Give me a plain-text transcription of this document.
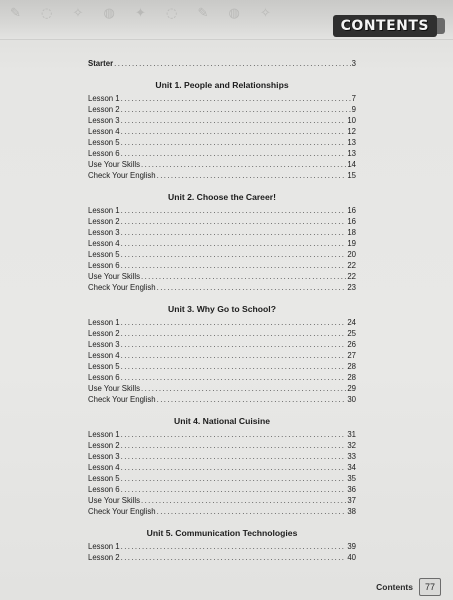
✎ ◌ ✧ ◍ ✦ ◌ ✎ ◍ ✧
CONTENTS
Starter .....	3
Unit 1. People and Relationships
Lesson 1 .....	7
Lesson 2 .....	9
Lesson 3 .....	10
Lesson 4 .....	12
Lesson 5 .....	13
Lesson 6 .....	13
Use Your Skills .....	14
Check Your English .....	15
Unit 2. Choose the Career!
Lesson 1 .....	16
Lesson 2 .....	16
Lesson 3 .....	18
Lesson 4 .....	19
Lesson 5 .....	20
Lesson 6 .....	22
Use Your Skills .....	22
Check Your English .....	23
Unit 3. Why Go to School?
Lesson 1 .....	24
Lesson 2 .....	25
Lesson 3 .....	26
Lesson 4 .....	27
Lesson 5 .....	28
Lesson 6 .....	28
Use Your Skills .....	29
Check Your English .....	30
Unit 4. National Cuisine
Lesson 1 .....	31
Lesson 2 .....	32
Lesson 3 .....	33
Lesson 4 .....	34
Lesson 5 .....	35
Lesson 6 .....	36
Use Your Skills .....	37
Check Your English .....	38
Unit 5. Communication Technologies
Lesson 1 .....	39
Lesson 2 .....	40
Contents 77
